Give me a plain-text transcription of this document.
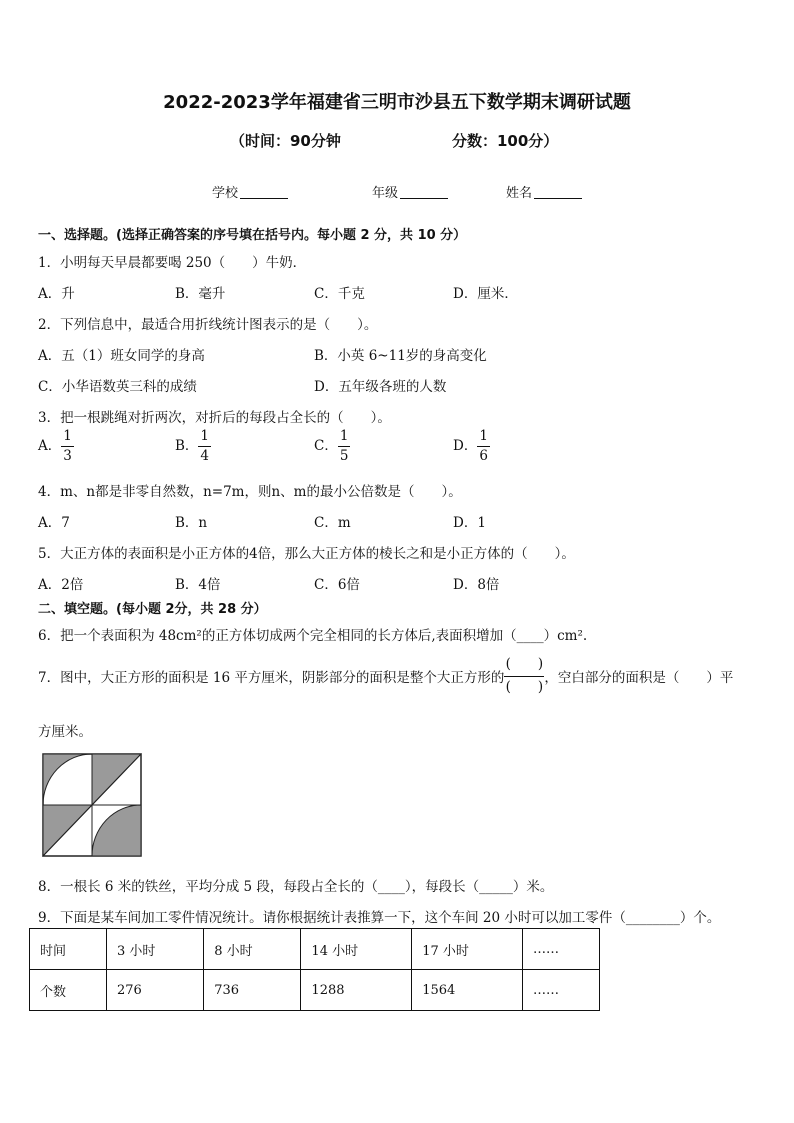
2022-2023学年福建省三明市沙县五下数学期末调研试题
（时间：90分钟	分数：100分）
学校	年级	姓名
一、选择题。(选择正确答案的序号填在括号内。每小题 2 分，共 10 分）
1．小明每天早晨都要喝 250（　　）牛奶．
A．升	B．毫升	C．千克	D．厘米．
2．下列信息中，最适合用折线统计图表示的是（　　）。
A．五（1）班女同学的身高	B．小英 6~11岁的身高变化
C．小华语数英三科的成绩	D．五年级各班的人数
3．把一根跳绳对折两次，对折后的每段占全长的（　　）。
A． $\frac{1}{3}$	B． $\frac{1}{4}$	C． $\frac{1}{5}$	D． $\frac{1}{6}$
4．m、n都是非零自然数，n=7m，则n、m的最小公倍数是（　　）。
A．7	B．n	C．m	D．1
5．大正方体的表面积是小正方体的4倍，那么大正方体的棱长之和是小正方体的（　　）。
A．2倍	B．4倍	C．6倍	D．8倍
二、填空题。(每小题 2分，共 28 分）
6．把一个表面积为 48cm²的正方体切成两个完全相同的长方体后,表面积增加（____）cm².
7．图中，大正方形的面积是 16 平方厘米，阴影部分的面积是整个大正方形的 $\frac{( )}{( )}$ ，空白部分的面积是（　　）平
方厘米。
8．一根长 6 米的铁丝，平均分成 5 段，每段占全长的（____），每段长（_____）米。
9．下面是某车间加工零件情况统计。请你根据统计表推算一下，这个车间 20 小时可以加工零件（________）个。
时间	3 小时	8 小时	14 小时	17 小时	……
个数	276	736	1288	1564	……
